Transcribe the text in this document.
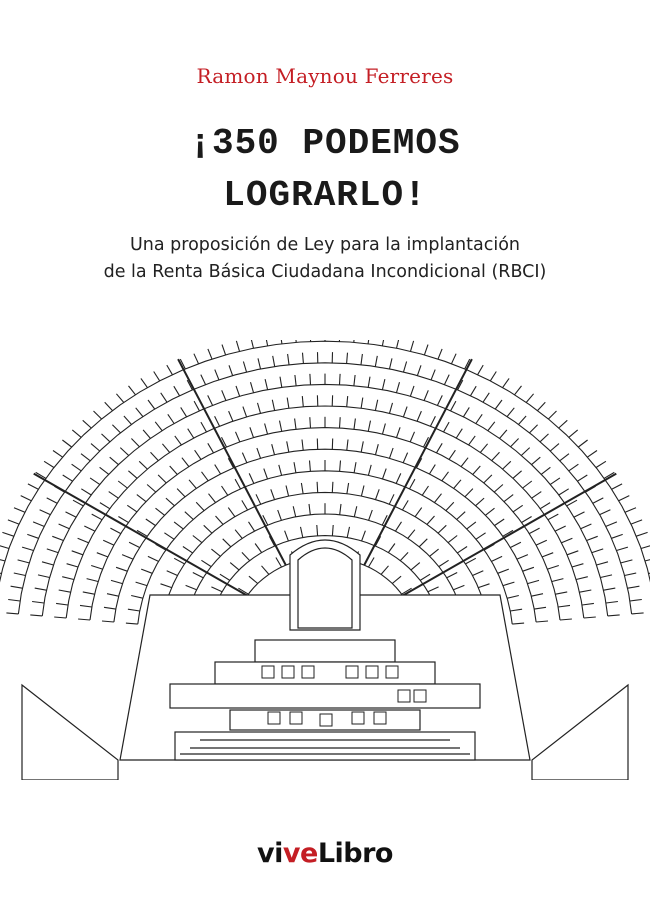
Ramon Maynou Ferreres
¡350 PODEMOS
LOGRARLO!
Una proposición de Ley para la implantación
de la Renta Básica Ciudadana Incondicional (RBCI)
viveLibro
